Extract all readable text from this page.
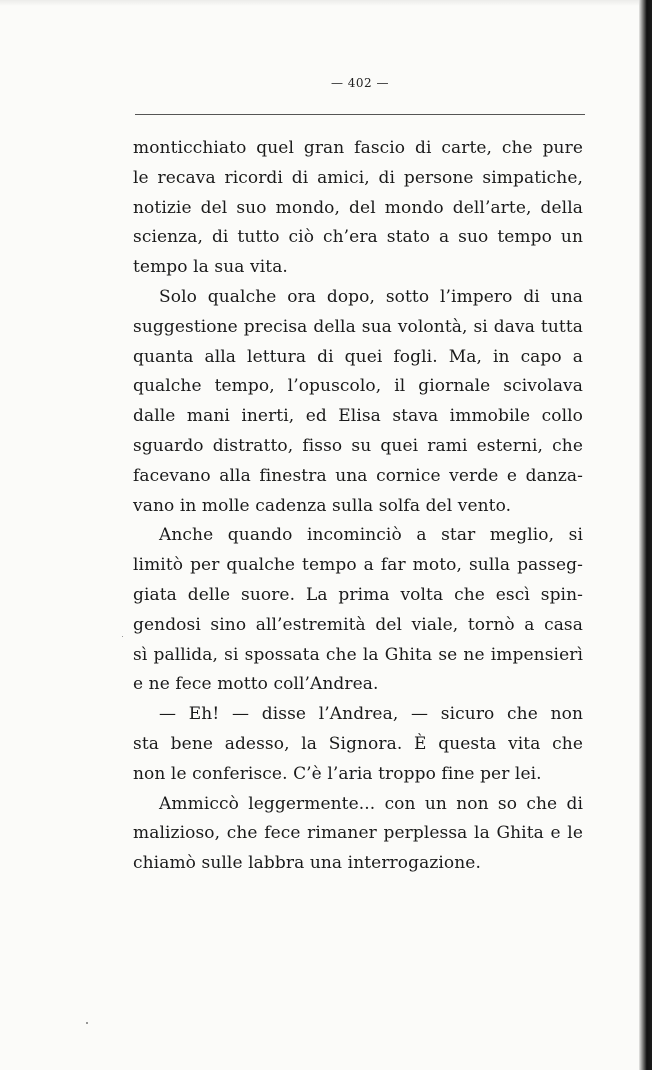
— 402 —
monticchiato quel gran fascio di carte, che pure
le recava ricordi di amici, di persone simpatiche,
notizie del suo mondo, del mondo dell’arte, della
scienza, di tutto ciò ch’era stato a suo tempo un
tempo la sua vita.
Solo qualche ora dopo, sotto l’impero di una
suggestione precisa della sua volontà, si dava tutta
quanta alla lettura di quei fogli. Ma, in capo a
qualche tempo, l’opuscolo, il giornale scivolava
dalle mani inerti, ed Elisa stava immobile collo
sguardo distratto, fisso su quei rami esterni, che
facevano alla finestra una cornice verde e danza-
vano in molle cadenza sulla solfa del vento.
Anche quando incominciò a star meglio, si
limitò per qualche tempo a far moto, sulla passeg-
giata delle suore. La prima volta che escì spin-
gendosi sino all’estremità del viale, tornò a casa
sì pallida, si spossata che la Ghita se ne impensierì
e ne fece motto coll’Andrea.
— Eh! — disse l’Andrea, — sicuro che non
sta bene adesso, la Signora. È questa vita che
non le conferisce. C’è l’aria troppo fine per lei.
Ammiccò leggermente... con un non so che di
malizioso, che fece rimaner perplessa la Ghita e le
chiamò sulle labbra una interrogazione.
